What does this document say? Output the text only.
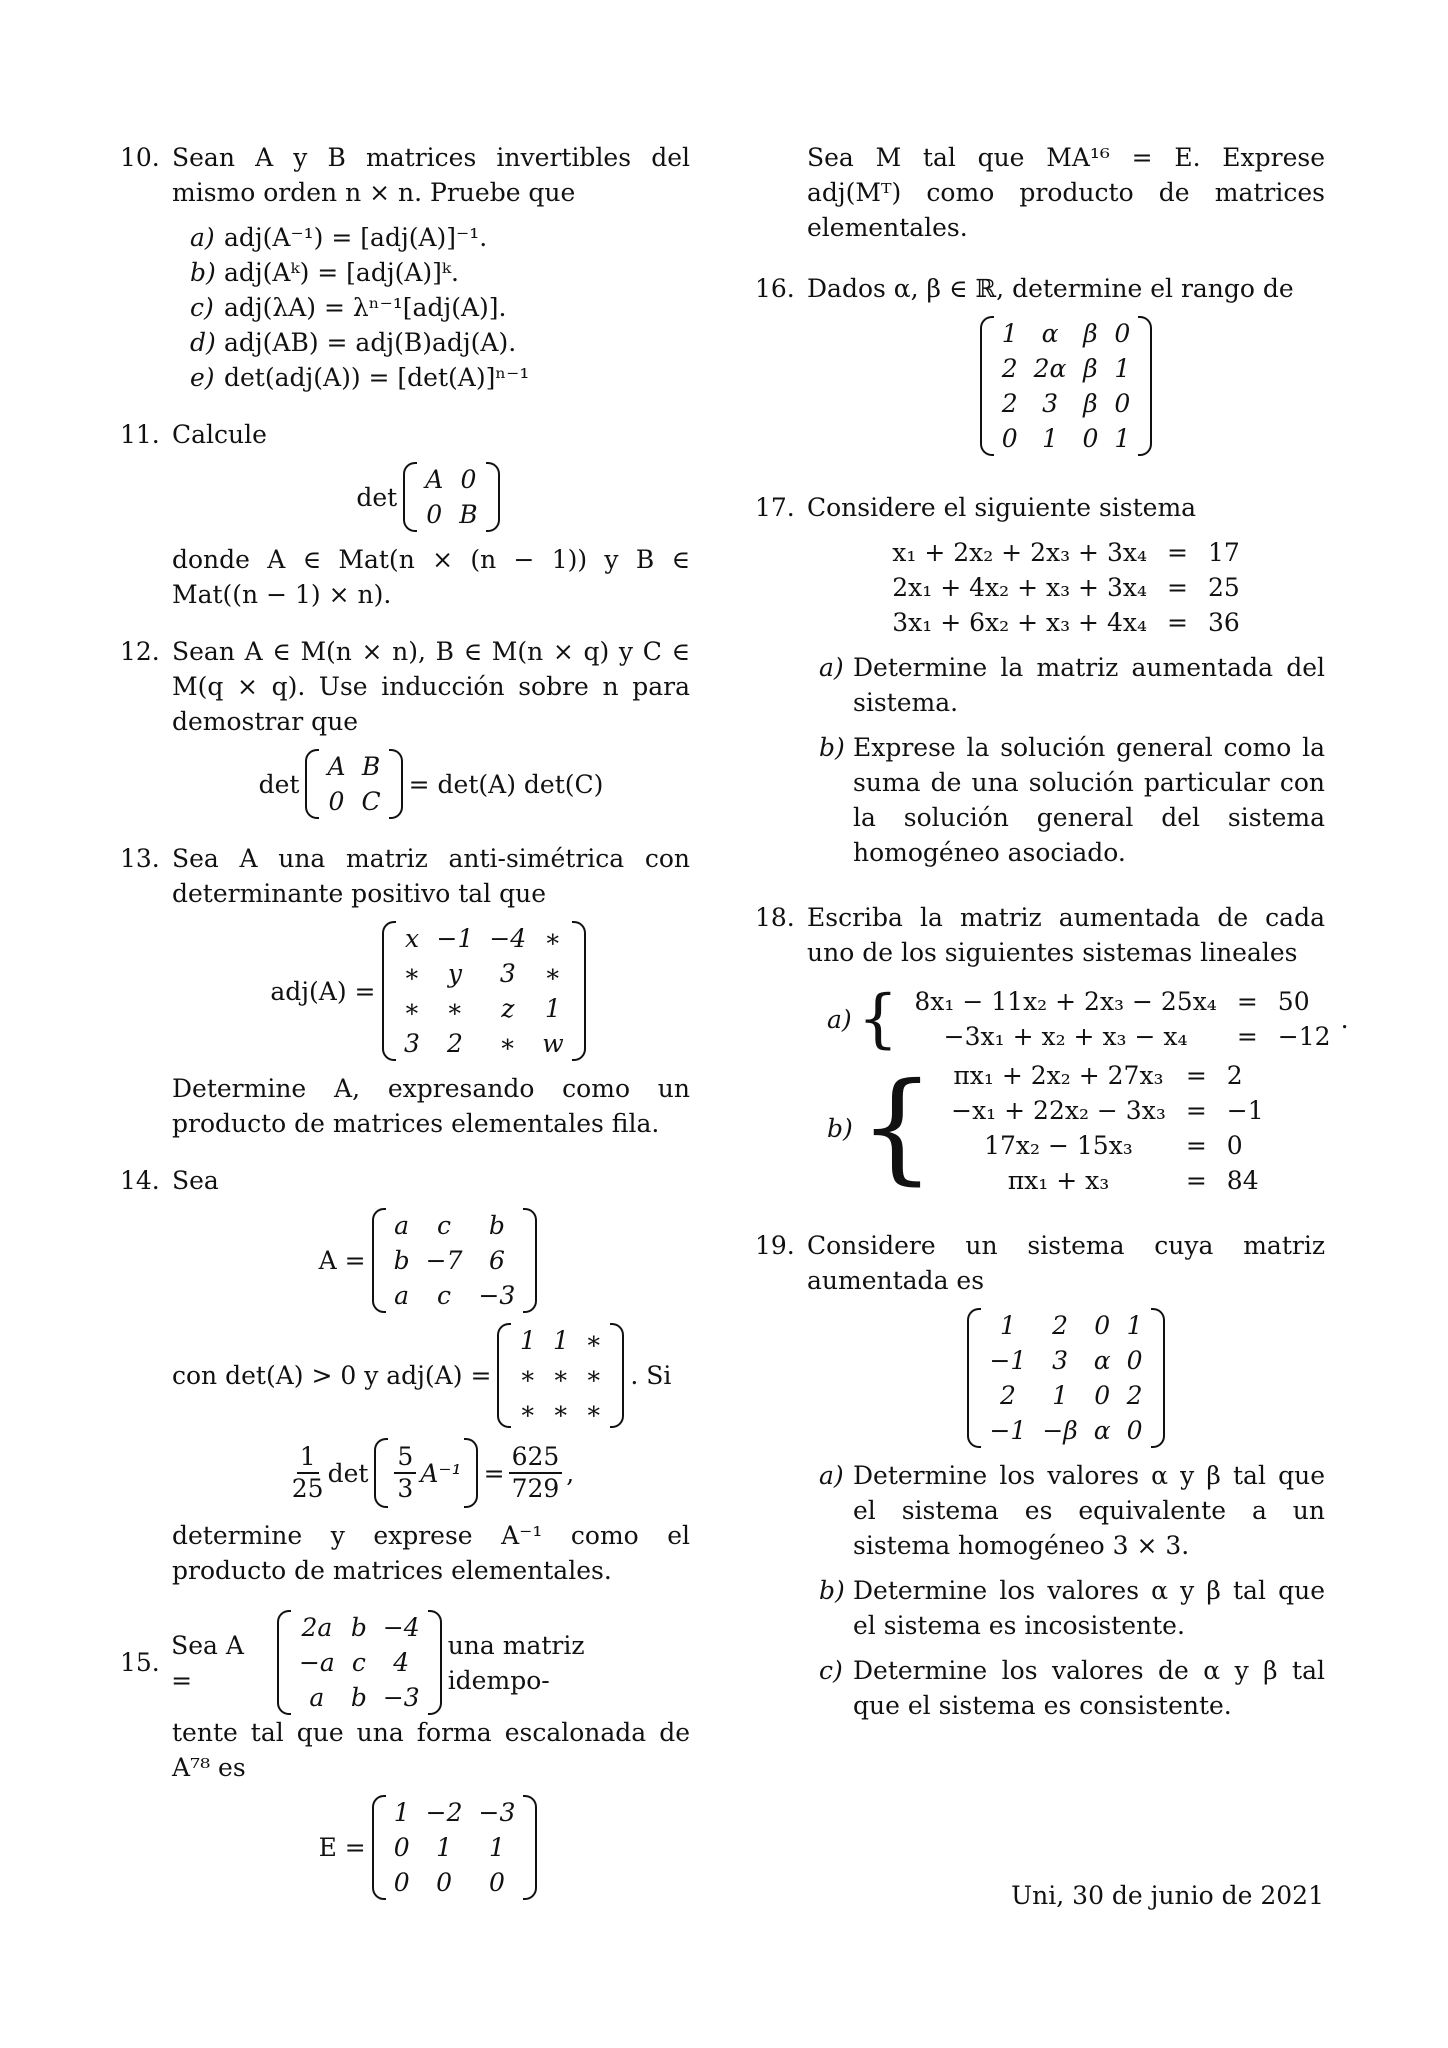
10. Sean A y B matrices invertibles del mismo orden n × n. Pruebe que

a) adj(A⁻¹) = [adj(A)]⁻¹.
b) adj(Aᵏ) = [adj(A)]ᵏ.
c) adj(λA) = λⁿ⁻¹[adj(A)].
d) adj(AB) = adj(B)adj(A).
e) det(adj(A)) = [det(A)]ⁿ⁻¹
11. Calcule

det
A	0
0	B

donde A ∈ Mat(n × (n − 1)) y B ∈ Mat((n − 1) × n).

12. Sean A ∈ M(n × n), B ∈ M(n × q) y C ∈ M(q × q). Use inducción sobre n para demostrar que

det
A	B
0	C
= det(A) det(C)
13. Sea A una matriz anti-simétrica con determinante positivo tal que

adj(A) =
x	−1	−4	∗
∗	y	3	∗
∗	∗	z	1
3	2	∗	w

Determine A, expresando como un producto de matrices elementales fila.

14. Sea

A =
a	c	b
b	−7	6
a	c	−3
con det(A) > 0 y adj(A) =
1	1	∗
∗	∗	∗
∗	∗	∗
. Si
$\frac{1}{25}$ $\det \frac{5}{3} A^{-1} = \frac{625}{729}$ ,

determine y exprese A⁻¹ como el producto de matrices elementales.

15.
Sea A =
2a	b	−4
−a	c	4
a	b	−3
una matriz idempo-

tente tal que una forma escalonada de A⁷⁸ es

E =
1	−2	−3
0	1	1
0	0	0

Sea M tal que MA¹⁶ = E. Exprese adj(Mᵀ) como producto de matrices elementales.

16. Dados α, β ∈ ℝ, determine el rango de

1	α	β	0
2	2α	β	1
2	3	β	0
0	1	0	1
17. Considere el siguiente sistema

x₁ + 2x₂ + 2x₃ + 3x₄	=	17
2x₁ + 4x₂ + x₃ + 3x₄	=	25
3x₁ + 6x₂ + x₃ + 4x₄	=	36
a) Determine la matriz aumentada del sistema.
b) Exprese la solución general como la suma de una solución particular con la solución general del sistema homogéneo asociado.
18. Escriba la matriz aumentada de cada uno de los siguientes sistemas lineales

a) { 8x₁ − 11x₂ + 2x₃ − 25x₄	=	50
−3x₁ + x₂ + x₃ − x₄	=	−12
.
b) { πx₁ + 2x₂ + 27x₃	=	2
−x₁ + 22x₂ − 3x₃	=	−1
17x₂ − 15x₃	=	0
πx₁ + x₃	=	84
19. Considere un sistema cuya matriz aumentada es

1	2	0	1
−1	3	α	0
2	1	0	2
−1	−β	α	0
a) Determine los valores α y β tal que el sistema es equivalente a un sistema homogéneo 3 × 3.
b) Determine los valores α y β tal que el sistema es incosistente.
c) Determine los valores de α y β tal que el sistema es consistente.
Uni, 30 de junio de 2021
